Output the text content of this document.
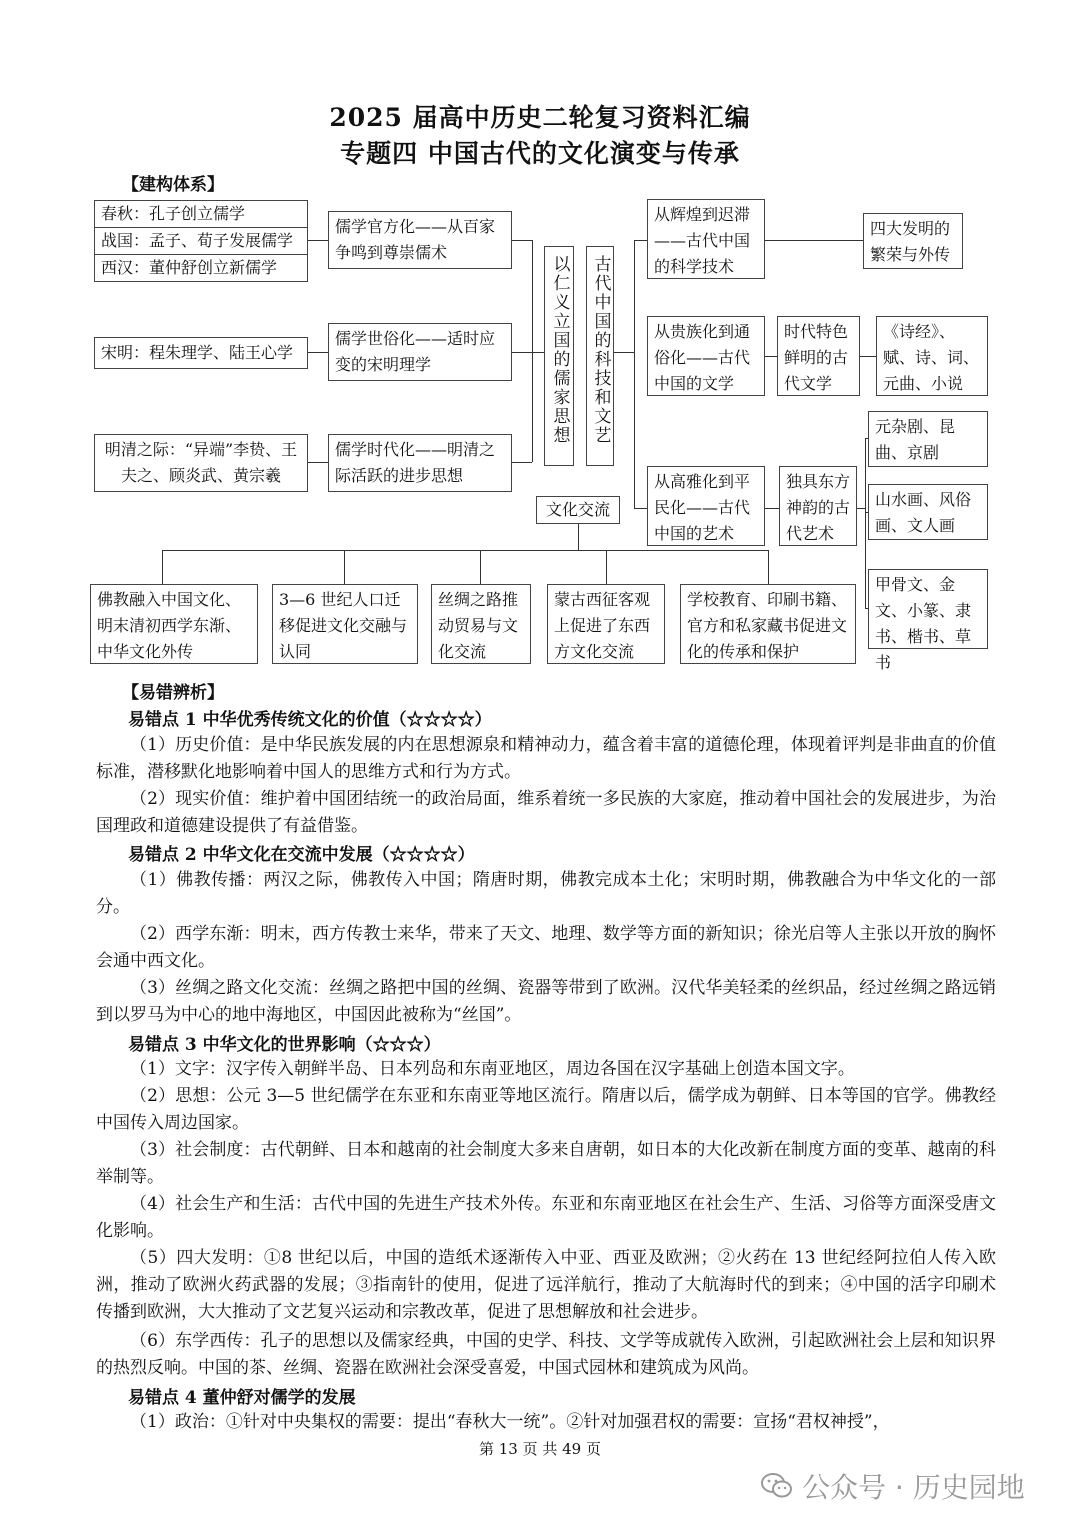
2025 届高中历史二轮复习资料汇编
专题四 中国古代的文化演变与传承
【建构体系】
春秋：孔子创立儒学
战国：孟子、荀子发展儒学
西汉：董仲舒创立新儒学
宋明：程朱理学、陆王心学
明清之际：“异端”李贽、王夫之、顾炎武、黄宗羲
儒学官方化——从百家争鸣到尊崇儒术
儒学世俗化——适时应变的宋明理学
儒学时代化——明清之际活跃的进步思想
以仁义立国的儒家思想 古代中国的科技和文艺
文化交流
从辉煌到迟滞——古代中国的科学技术
四大发明的繁荣与外传
从贵族化到通俗化——古代中国的文学
时代特色鲜明的古代文学
《诗经》、赋、诗、词、元曲、小说
从高雅化到平民化——古代中国的艺术
独具东方神韵的古代艺术
元杂剧、昆曲、京剧
山水画、风俗画、文人画
甲骨文、金文、小篆、隶书、楷书、草书
佛教融入中国文化、明末清初西学东渐、中华文化外传
3—6 世纪人口迁移促进文化交融与认同
丝绸之路推动贸易与文化交流
蒙古西征客观上促进了东西方文化交流
学校教育、印刷书籍、官方和私家藏书促进文化的传承和保护
【易错辨析】
易错点 1 中华优秀传统文化的价值（☆☆☆☆）
（1）历史价值：是中华民族发展的内在思想源泉和精神动力，蕴含着丰富的道德伦理，体现着评判是非曲直的价值标准，潜移默化地影响着中国人的思维方式和行为方式。
（2）现实价值：维护着中国团结统一的政治局面，维系着统一多民族的大家庭，推动着中国社会的发展进步，为治国理政和道德建设提供了有益借鉴。
易错点 2 中华文化在交流中发展（☆☆☆☆）
（1）佛教传播：两汉之际，佛教传入中国；隋唐时期，佛教完成本土化；宋明时期，佛教融合为中华文化的一部分。
（2）西学东渐：明末，西方传教士来华，带来了天文、地理、数学等方面的新知识；徐光启等人主张以开放的胸怀会通中西文化。
（3）丝绸之路文化交流：丝绸之路把中国的丝绸、瓷器等带到了欧洲。汉代华美轻柔的丝织品，经过丝绸之路远销到以罗马为中心的地中海地区，中国因此被称为“丝国”。
易错点 3 中华文化的世界影响（☆☆☆）
（1）文字：汉字传入朝鲜半岛、日本列岛和东南亚地区，周边各国在汉字基础上创造本国文字。
（2）思想：公元 3—5 世纪儒学在东亚和东南亚等地区流行。隋唐以后，儒学成为朝鲜、日本等国的官学。佛教经中国传入周边国家。
（3）社会制度：古代朝鲜、日本和越南的社会制度大多来自唐朝，如日本的大化改新在制度方面的变革、越南的科举制等。
（4）社会生产和生活：古代中国的先进生产技术外传。东亚和东南亚地区在社会生产、生活、习俗等方面深受唐文化影响。
（5）四大发明：①8 世纪以后，中国的造纸术逐渐传入中亚、西亚及欧洲；②火药在 13 世纪经阿拉伯人传入欧洲，推动了欧洲火药武器的发展；③指南针的使用，促进了远洋航行，推动了大航海时代的到来；④中国的活字印刷术传播到欧洲，大大推动了文艺复兴运动和宗教改革，促进了思想解放和社会进步。
（6）东学西传：孔子的思想以及儒家经典，中国的史学、科技、文学等成就传入欧洲，引起欧洲社会上层和知识界的热烈反响。中国的茶、丝绸、瓷器在欧洲社会深受喜爱，中国式园林和建筑成为风尚。
易错点 4 董仲舒对儒学的发展
（1）政治：①针对中央集权的需要：提出“春秋大一统”。②针对加强君权的需要：宣扬“君权神授”，
第 13 页 共 49 页
公众号 · 历史园地
